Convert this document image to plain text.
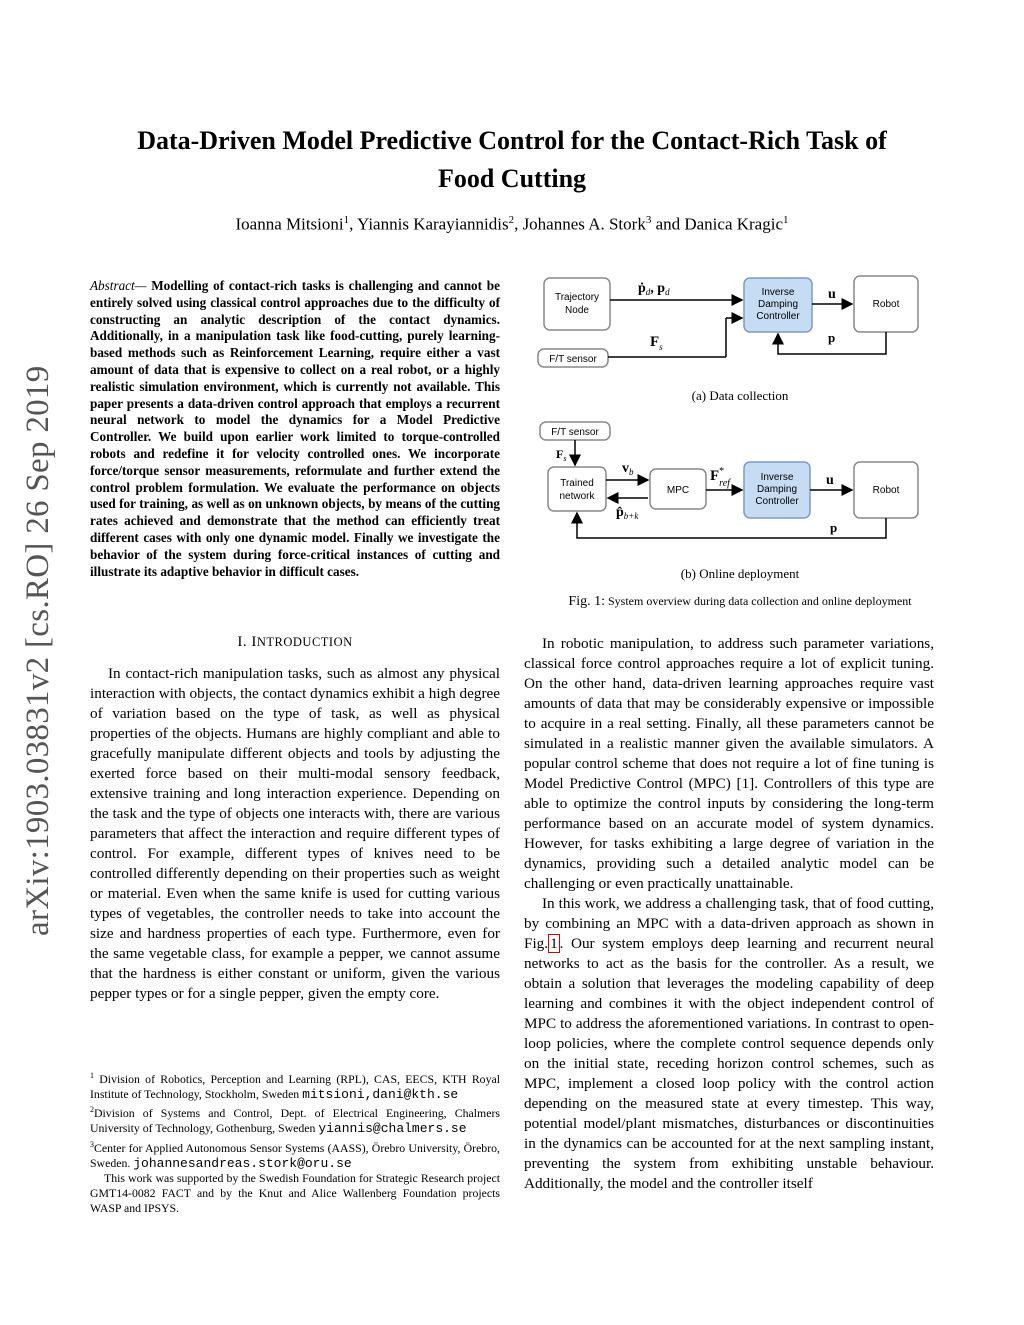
Data-Driven Model Predictive Control for the Contact-Rich Task of
Food Cutting
Ioanna Mitsioni$^1$, Yiannis Karayiannidis$^2$, Johannes A. Stork$^3$ and Danica Kragic$^1$
arXiv:1903.03831v2 [cs.RO] 26 Sep 2019
Abstract— Modelling of contact-rich tasks is challenging and cannot be entirely solved using classical control approaches due to the difficulty of constructing an analytic description of the contact dynamics. Additionally, in a manipulation task like food-cutting, purely learning-based methods such as Reinforcement Learning, require either a vast amount of data that is expensive to collect on a real robot, or a highly realistic simulation environment, which is currently not available. This paper presents a data-driven control approach that employs a recurrent neural network to model the dynamics for a Model Predictive Controller. We build upon earlier work limited to torque-controlled robots and redefine it for velocity controlled ones. We incorporate force/torque sensor measurements, reformulate and further extend the control problem formulation. We evaluate the performance on objects used for training, as well as on unknown objects, by means of the cutting rates achieved and demonstrate that the method can efficiently treat different cases with only one dynamic model. Finally we investigate the behavior of the system during force-critical instances of cutting and illustrate its adaptive behavior in difficult cases.
I. INTRODUCTION

In contact-rich manipulation tasks, such as almost any physical interaction with objects, the contact dynamics exhibit a high degree of variation based on the type of task, as well as physical properties of the objects. Humans are highly compliant and able to gracefully manipulate different objects and tools by adjusting the exerted force based on their multi-modal sensory feedback, extensive training and long interaction experience. Depending on the task and the type of objects one interacts with, there are various parameters that affect the interaction and require different types of control. For example, different types of knives need to be controlled differently depending on their properties such as weight or material. Even when the same knife is used for cutting various types of vegetables, the controller needs to take into account the size and hardness properties of each type. Furthermore, even for the same vegetable class, for example a pepper, we cannot assume that the hardness is either constant or uniform, given the various pepper types or for a single pepper, given the empty core.

$^1$ Division of Robotics, Perception and Learning (RPL), CAS, EECS, KTH Royal Institute of Technology, Stockholm, Sweden mitsioni,dani@kth.se

$^2$Division of Systems and Control, Dept. of Electrical Engineering, Chalmers University of Technology, Gothenburg, Sweden yiannis@chalmers.se

$^3$Center for Applied Autonomous Sensor Systems (AASS), Örebro University, Örebro, Sweden. johannesandreas.stork@oru.se

This work was supported by the Swedish Foundation for Strategic Research project GMT14-0082 FACT and by the Knut and Alice Wallenberg Foundation projects WASP and IPSYS.

In robotic manipulation, to address such parameter variations, classical force control approaches require a lot of explicit tuning. On the other hand, data-driven learning approaches require vast amounts of data that may be considerably expensive or impossible to acquire in a real setting. Finally, all these parameters cannot be simulated in a realistic manner given the available simulators. A popular control scheme that does not require a lot of fine tuning is Model Predictive Control (MPC) [1]. Controllers of this type are able to optimize the control inputs by considering the long-term performance based on an accurate model of system dynamics. However, for tasks exhibiting a large degree of variation in the dynamics, providing such a detailed analytic model can be challenging or even practically unattainable.

In this work, we address a challenging task, that of food cutting, by combining an MPC with a data-driven approach as shown in Fig. 1 . Our system employs deep learning and recurrent neural networks to act as the basis for the controller. As a result, we obtain a solution that leverages the modeling capability of deep learning and combines it with the object independent control of MPC to address the aforementioned variations. In contrast to open-loop policies, where the complete control sequence depends only on the initial state, receding horizon control schemes, such as MPC, implement a closed loop policy with the control action depending on the measured state at every timestep. This way, potential model/plant mismatches, disturbances or discontinuities in the dynamics can be accounted for at the next sampling instant, preventing the system from exhibiting unstable behaviour. Additionally, the model and the controller itself

Trajectory
Node
F/T sensor
Inverse
Damping
Controller
Robot
ṗ$_d$, $p_d$
$F_s$
u
p
F/T sensor
Trained
network
MPC
Inverse
Damping
Controller
Robot
$F_s$
$v_b$
$p̂_{b+k}$
F* ref	u
p
(a) Data collection
(b) Online deployment
Fig. 1: System overview during data collection and online deployment
